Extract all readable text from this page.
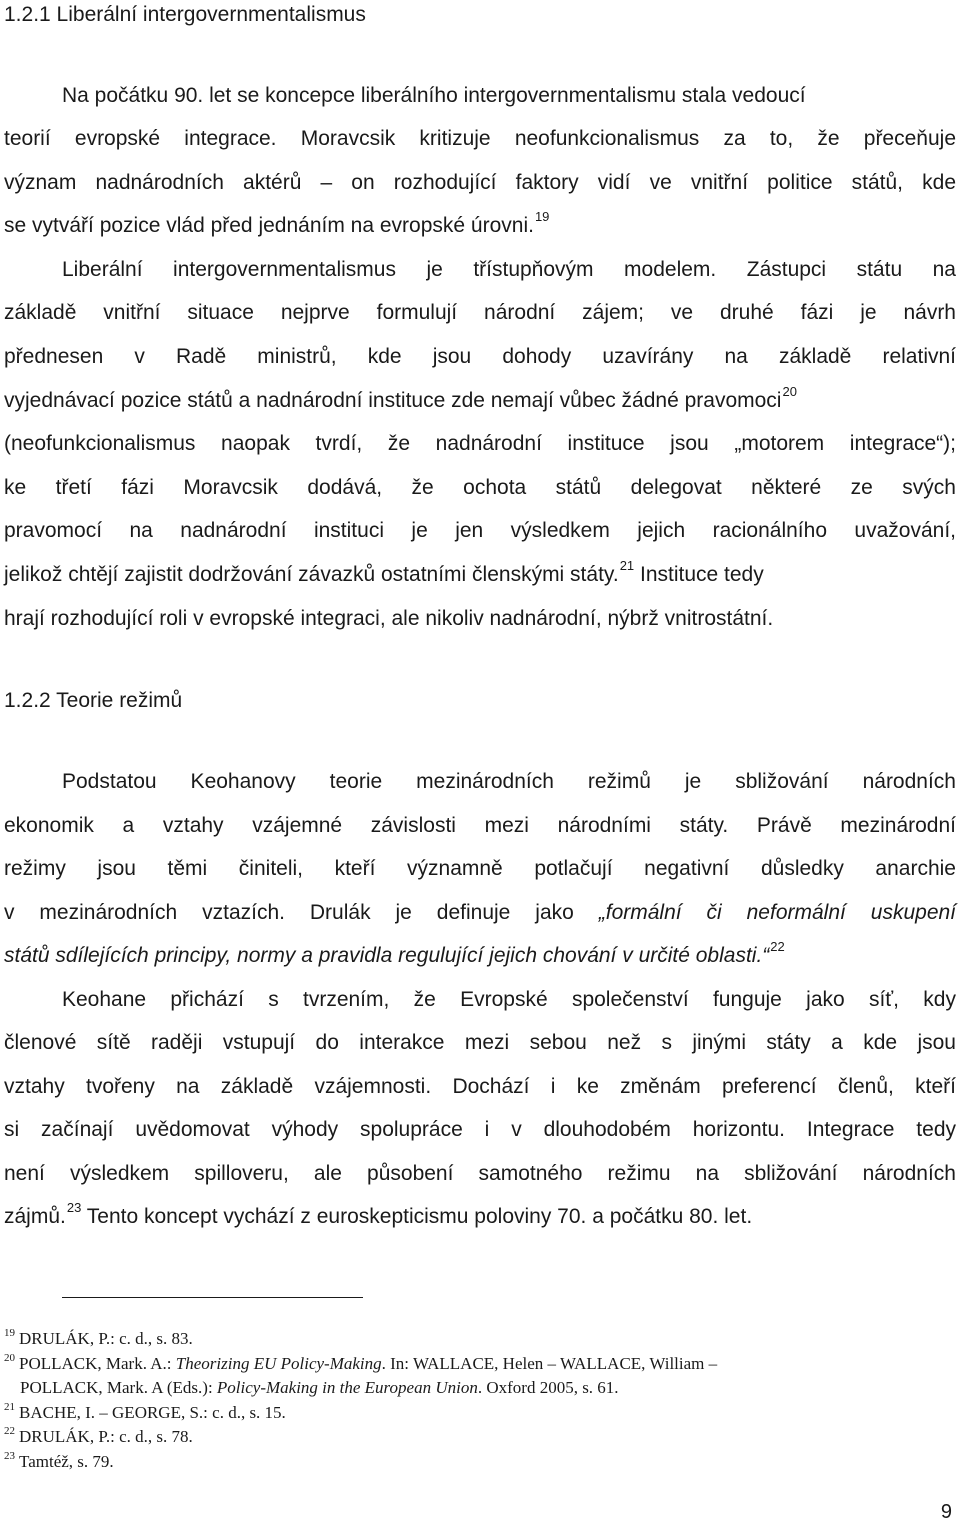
1.2.1 Liberální intergovernmentalismus
Na počátku 90. let se koncepce liberálního intergovernmentalismu stala vedoucí
teorií evropské integrace. Moravcsik kritizuje neofunkcionalismus za to, že přeceňuje
význam nadnárodních aktérů – on rozhodující faktory vidí ve vnitřní politice států, kde
se vytváří pozice vlád před jednáním na evropské úrovni.$^{19}$
Liberální intergovernmentalismus je třístupňovým modelem. Zástupci státu na
základě vnitřní situace nejprve formulují národní zájem; ve druhé fázi je návrh
přednesen v Radě ministrů, kde jsou dohody uzavírány na základě relativní
vyjednávací pozice států a nadnárodní instituce zde nemají vůbec žádné pravomoci$^{20}$
(neofunkcionalismus naopak tvrdí, že nadnárodní instituce jsou „motorem integrace“);
ke třetí fázi Moravcsik dodává, že ochota států delegovat některé ze svých
pravomocí na nadnárodní instituci je jen výsledkem jejich racionálního uvažování,
jelikož chtějí zajistit dodržování závazků ostatními členskými státy.$^{21}$ Instituce tedy
hrají rozhodující roli v evropské integraci, ale nikoliv nadnárodní, nýbrž vnitrostátní.
1.2.2 Teorie režimů
Podstatou Keohanovy teorie mezinárodních režimů je sbližování národních
ekonomik a vztahy vzájemné závislosti mezi národními státy. Právě mezinárodní
režimy jsou těmi činiteli, kteří významně potlačují negativní důsledky anarchie
v mezinárodních vztazích. Drulák je definuje jako „formální či neformální uskupení
států sdílejících principy, normy a pravidla regulující jejich chování v určité oblasti.“$^{22}$
Keohane přichází s tvrzením, že Evropské společenství funguje jako síť, kdy
členové sítě raději vstupují do interakce mezi sebou než s jinými státy a kde jsou
vztahy tvořeny na základě vzájemnosti. Dochází i ke změnám preferencí členů, kteří
si začínají uvědomovat výhody spolupráce i v dlouhodobém horizontu. Integrace tedy
není výsledkem spilloveru, ale působení samotného režimu na sbližování národních
zájmů.$^{23}$ Tento koncept vychází z euroskepticismu poloviny 70. a počátku 80. let.
19 DRULÁK, P.: c. d., s. 83.
20 POLLACK, Mark. A.: Theorizing EU Policy-Making. In: WALLACE, Helen – WALLACE, William –
POLLACK, Mark. A (Eds.): Policy-Making in the European Union. Oxford 2005, s. 61.
21 BACHE, I. – GEORGE, S.: c. d., s. 15.
22 DRULÁK, P.: c. d., s. 78.
23 Tamtéž, s. 79.
9
